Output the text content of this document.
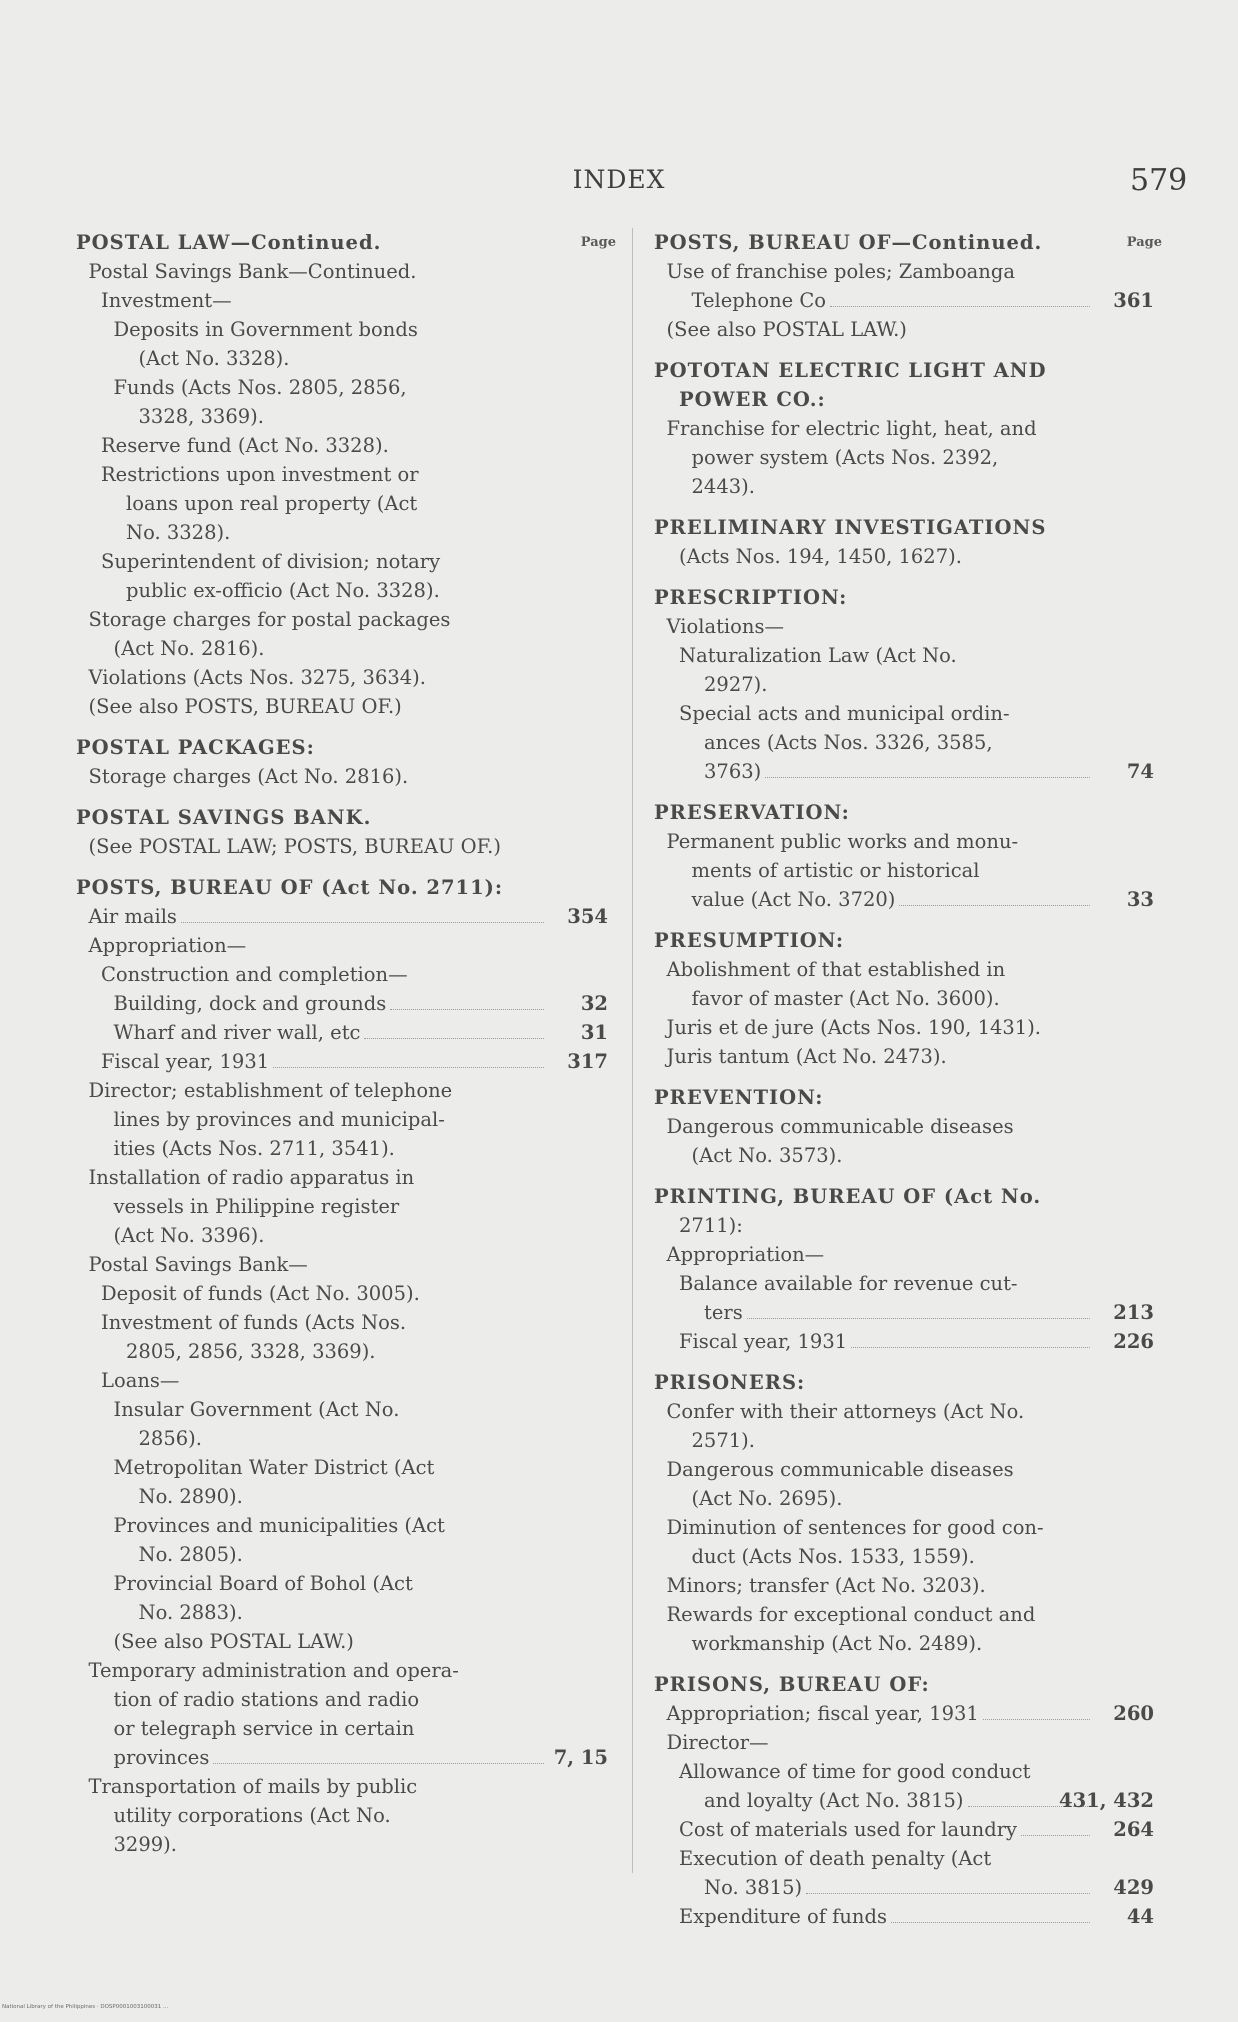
INDEX	579
POSTAL LAW—Continued.	Page
Postal Savings Bank—Continued.
Investment—
Deposits in Government bonds
(Act No. 3328).
Funds (Acts Nos. 2805, 2856,
3328, 3369).
Reserve fund (Act No. 3328).
Restrictions upon investment or
loans upon real property (Act
No. 3328).
Superintendent of division; notary
public ex-officio (Act No. 3328).
Storage charges for postal packages
(Act No. 2816).
Violations (Acts Nos. 3275, 3634).
(See also POSTS, BUREAU OF.)
POSTAL PACKAGES:
Storage charges (Act No. 2816).
POSTAL SAVINGS BANK.
(See POSTAL LAW; POSTS, BUREAU OF.)
POSTS, BUREAU OF (Act No. 2711):
Air mails	354
Appropriation—
Construction and completion—
Building, dock and grounds	32
Wharf and river wall, etc	31
Fiscal year, 1931	317
Director; establishment of telephone
lines by provinces and municipal-
ities (Acts Nos. 2711, 3541).
Installation of radio apparatus in
vessels in Philippine register
(Act No. 3396).
Postal Savings Bank—
Deposit of funds (Act No. 3005).
Investment of funds (Acts Nos.
2805, 2856, 3328, 3369).
Loans—
Insular Government (Act No.
2856).
Metropolitan Water District (Act
No. 2890).
Provinces and municipalities (Act
No. 2805).
Provincial Board of Bohol (Act
No. 2883).
(See also POSTAL LAW.)
Temporary administration and opera-
tion of radio stations and radio
or telegraph service in certain
provinces	7, 15
Transportation of mails by public
utility corporations (Act No.
3299).
POSTS, BUREAU OF—Continued.	Page
Use of franchise poles; Zamboanga
Telephone Co	361
(See also POSTAL LAW.)
POTOTAN ELECTRIC LIGHT AND
POWER CO.:
Franchise for electric light, heat, and
power system (Acts Nos. 2392,
2443).
PRELIMINARY INVESTIGATIONS
(Acts Nos. 194, 1450, 1627).
PRESCRIPTION:
Violations—
Naturalization Law (Act No.
2927).
Special acts and municipal ordin-
ances (Acts Nos. 3326, 3585,
3763)	74
PRESERVATION:
Permanent public works and monu-
ments of artistic or historical
value (Act No. 3720)	33
PRESUMPTION:
Abolishment of that established in
favor of master (Act No. 3600).
Juris et de jure (Acts Nos. 190, 1431).
Juris tantum (Act No. 2473).
PREVENTION:
Dangerous communicable diseases
(Act No. 3573).
PRINTING, BUREAU OF (Act No.
2711):
Appropriation—
Balance available for revenue cut-
ters	213
Fiscal year, 1931	226
PRISONERS:
Confer with their attorneys (Act No.
2571).
Dangerous communicable diseases
(Act No. 2695).
Diminution of sentences for good con-
duct (Acts Nos. 1533, 1559).
Minors; transfer (Act No. 3203).
Rewards for exceptional conduct and
workmanship (Act No. 2489).
PRISONS, BUREAU OF:
Appropriation; fiscal year, 1931	260
Director—
Allowance of time for good conduct
and loyalty (Act No. 3815)	431, 432
Cost of materials used for laundry	264
Execution of death penalty (Act
No. 3815)	429
Expenditure of funds	44
National Library of the Philippines · DOSP0001003100031 ...
